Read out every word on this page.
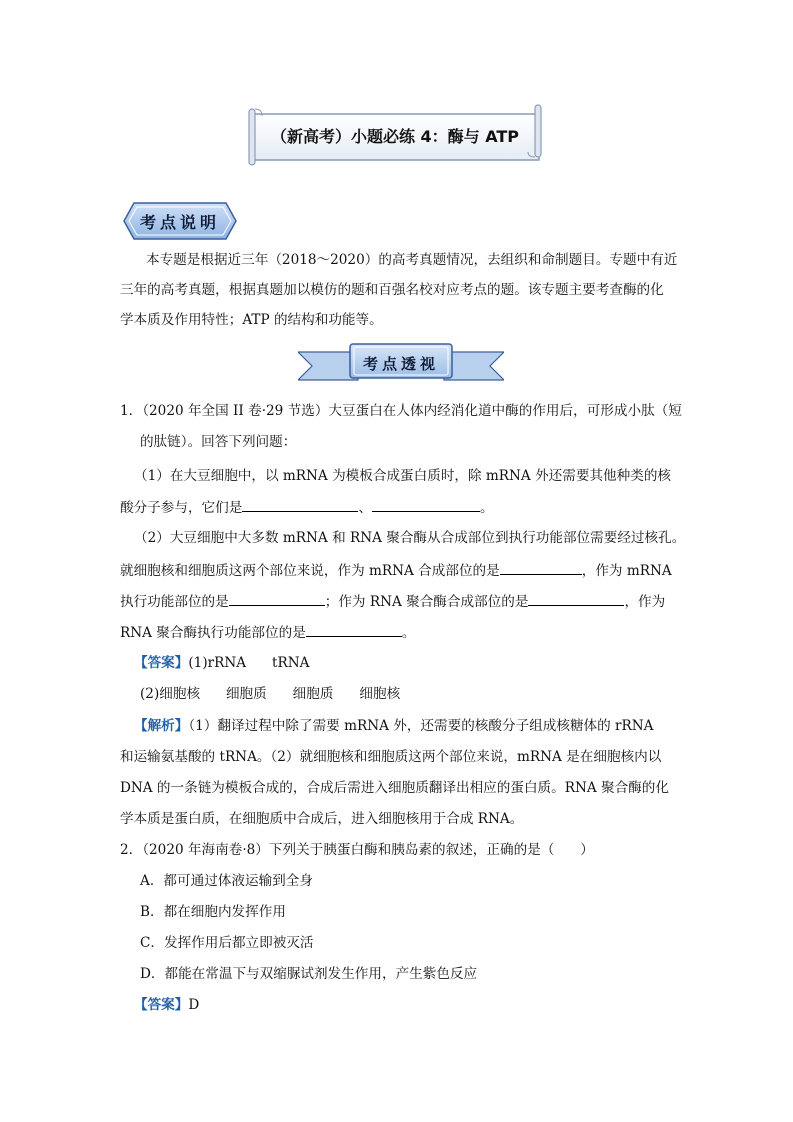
（新高考）小题必练 4：酶与 ATP
考点说明
本专题是根据近三年（2018～2020）的高考真题情况，去组织和命制题目。专题中有近
三年的高考真题，根据真题加以模仿的题和百强名校对应考点的题。该专题主要考查酶的化
学本质及作用特性；ATP 的结构和功能等。
考点透视
1．（2020 年全国 II 卷·29 节选）大豆蛋白在人体内经消化道中酶的作用后，可形成小肽（短
的肽链）。回答下列问题：
（1）在大豆细胞中，以 mRNA 为模板合成蛋白质时，除 mRNA 外还需要其他种类的核
酸分子参与，它们是	、	。
（2）大豆细胞中大多数 mRNA 和 RNA 聚合酶从合成部位到执行功能部位需要经过核孔。
就细胞核和细胞质这两个部位来说，作为 mRNA 合成部位的是	，作为 mRNA
执行功能部位的是	；作为 RNA 聚合酶合成部位的是	，作为
RNA 聚合酶执行功能部位的是	。
【答案】(1)rRNA      tRNA
(2)细胞核      细胞质      细胞质      细胞核
【解析】（1）翻译过程中除了需要 mRNA 外，还需要的核酸分子组成核糖体的 rRNA
和运输氨基酸的 tRNA。（2）就细胞核和细胞质这两个部位来说，mRNA 是在细胞核内以
DNA 的一条链为模板合成的，合成后需进入细胞质翻译出相应的蛋白质。RNA 聚合酶的化
学本质是蛋白质，在细胞质中合成后，进入细胞核用于合成 RNA。
2．（2020 年海南卷·8）下列关于胰蛋白酶和胰岛素的叙述，正确的是（      ）
A．都可通过体液运输到全身
B．都在细胞内发挥作用
C．发挥作用后都立即被灭活
D．都能在常温下与双缩脲试剂发生作用，产生紫色反应
【答案】D
